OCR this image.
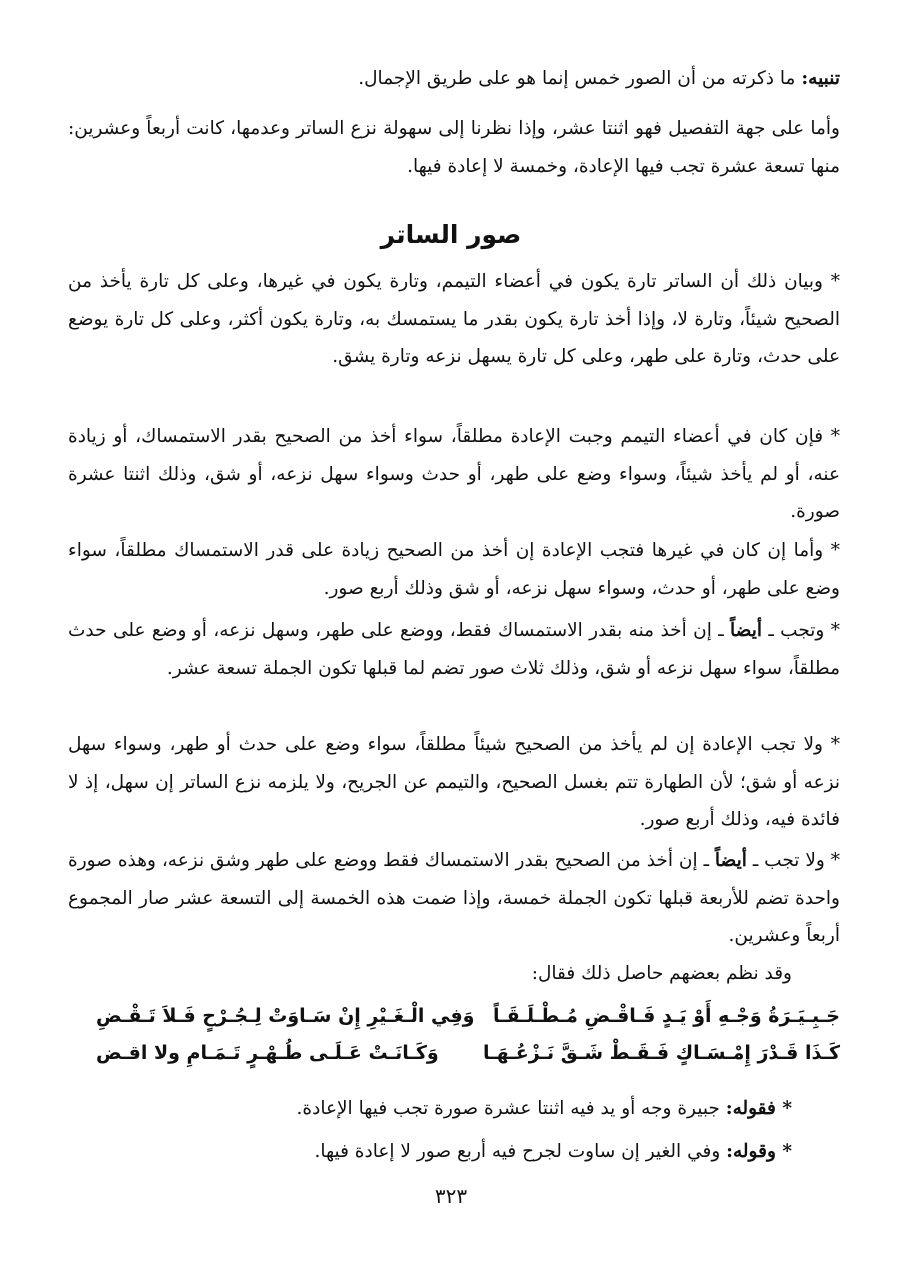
تنبيه: ما ذكرته من أن الصور خمس إنما هو على طريق الإجمال.

وأما على جهة التفصيل فهو اثنتا عشر، وإذا نظرنا إلى سهولة نزع الساتر وعدمها، كانت أربعاً وعشرين: منها تسعة عشرة تجب فيها الإعادة، وخمسة لا إعادة فيها.

صور الساتر

* وبيان ذلك أن الساتر تارة يكون في أعضاء التيمم، وتارة يكون في غيرها، وعلى كل تارة يأخذ من الصحيح شيئاً، وتارة لا، وإذا أخذ تارة يكون بقدر ما يستمسك به، وتارة يكون أكثر، وعلى كل تارة يوضع على حدث، وتارة على طهر، وعلى كل تارة يسهل نزعه وتارة يشق.

* فإن كان في أعضاء التيمم وجبت الإعادة مطلقاً، سواء أخذ من الصحيح بقدر الاستمساك، أو زيادة عنه، أو لم يأخذ شيئاً، وسواء وضع على طهر، أو حدث وسواء سهل نزعه، أو شق، وذلك اثنتا عشرة صورة.

* وأما إن كان في غيرها فتجب الإعادة إن أخذ من الصحيح زيادة على قدر الاستمساك مطلقاً، سواء وضع على طهر، أو حدث، وسواء سهل نزعه، أو شق وذلك أربع صور.

* وتجب ـ أيضاً ـ إن أخذ منه بقدر الاستمساك فقط، ووضع على طهر، وسهل نزعه، أو وضع على حدث مطلقاً، سواء سهل نزعه أو شق، وذلك ثلاث صور تضم لما قبلها تكون الجملة تسعة عشر.

* ولا تجب الإعادة إن لم يأخذ من الصحيح شيئاً مطلقاً، سواء وضع على حدث أو طهر، وسواء سهل نزعه أو شق؛ لأن الطهارة تتم بغسل الصحيح، والتيمم عن الجريح، ولا يلزمه نزع الساتر إن سهل، إذ لا فائدة فيه، وذلك أربع صور.

* ولا تجب ـ أيضاً ـ إن أخذ من الصحيح بقدر الاستمساك فقط ووضع على طهر وشق نزعه، وهذه صورة واحدة تضم للأربعة قبلها تكون الجملة خمسة، وإذا ضمت هذه الخمسة إلى التسعة عشر صار المجموع أربعاً وعشرين.

وقد نظم بعضهم حاصل ذلك فقال:

جَـبِـيَـرَةُ وَجْـهِ أَوْ يَـدٍ فَـاقْـضِ مُـطْـلَـقَـاً
وَفِي الْـغَـيْرِ إِنْ سَـاوَتْ لِـجُـرْحٍ فَـلاَ تَـقْـضِ
كَـذَا قَـدْرَ إِمْـسَـاكٍ فَـقَـطْ شَـقَّ نَـزْعُـهَـا
وَكَـانَـتْ عَـلَـى طُـهْـرٍ تَـمَـامِ ولا اقـض

* فقوله: جبيرة وجه أو يد فيه اثنتا عشرة صورة تجب فيها الإعادة.

* وقوله: وفي الغير إن ساوت لجرح فيه أربع صور لا إعادة فيها.

٣٢٣
